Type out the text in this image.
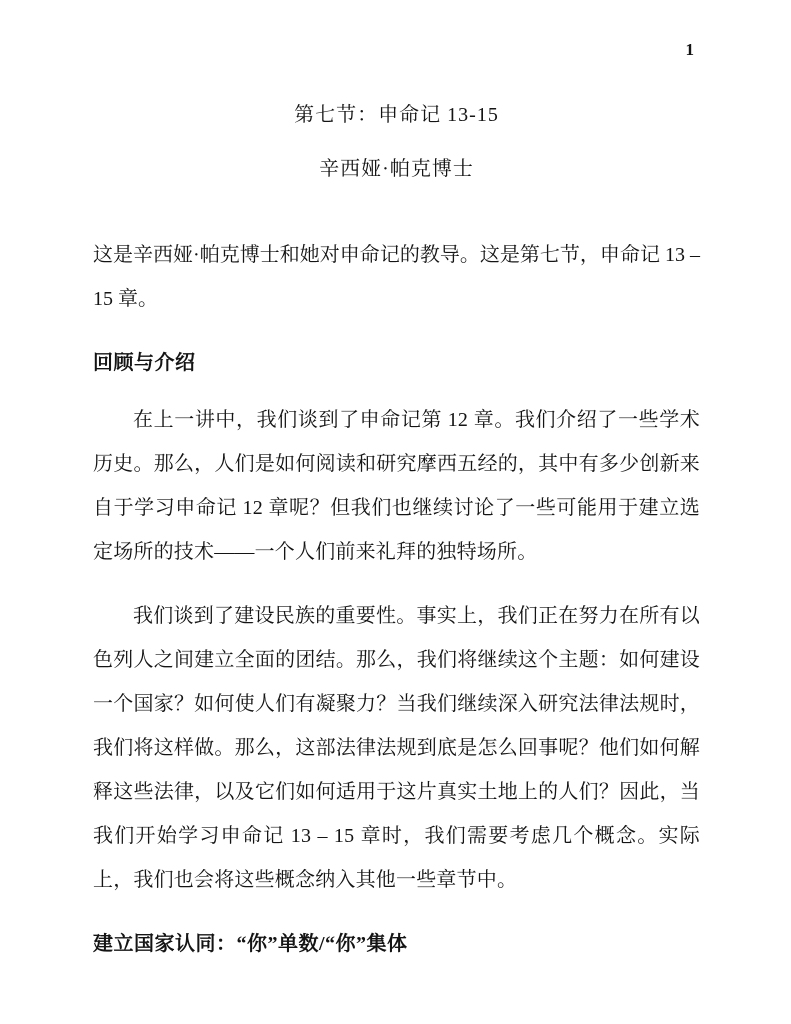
1
第七节：申命记 13-15
辛西娅·帕克博士

这是辛西娅·帕克博士和她对申命记的教导。这是第七节，申命记 13 – 15 章。

回顾与介绍

在上一讲中，我们谈到了申命记第 12 章。我们介绍了一些学术历史。那么，人们是如何阅读和研究摩西五经的，其中有多少创新来自于学习申命记 12 章呢？但我们也继续讨论了一些可能用于建立选定场所的技术——一个人们前来礼拜的独特场所。

我们谈到了建设民族的重要性。事实上，我们正在努力在所有以色列人之间建立全面的团结。那么，我们将继续这个主题：如何建设一个国家？如何使人们有凝聚力？当我们继续深入研究法律法规时，我们将这样做。那么，这部法律法规到底是怎么回事呢？他们如何解释这些法律，以及它们如何适用于这片真实土地上的人们？因此，当我们开始学习申命记 13 – 15 章时，我们需要考虑几个概念。实际上，我们也会将这些概念纳入其他一些章节中。

建立国家认同：“你”单数/“你”集体
